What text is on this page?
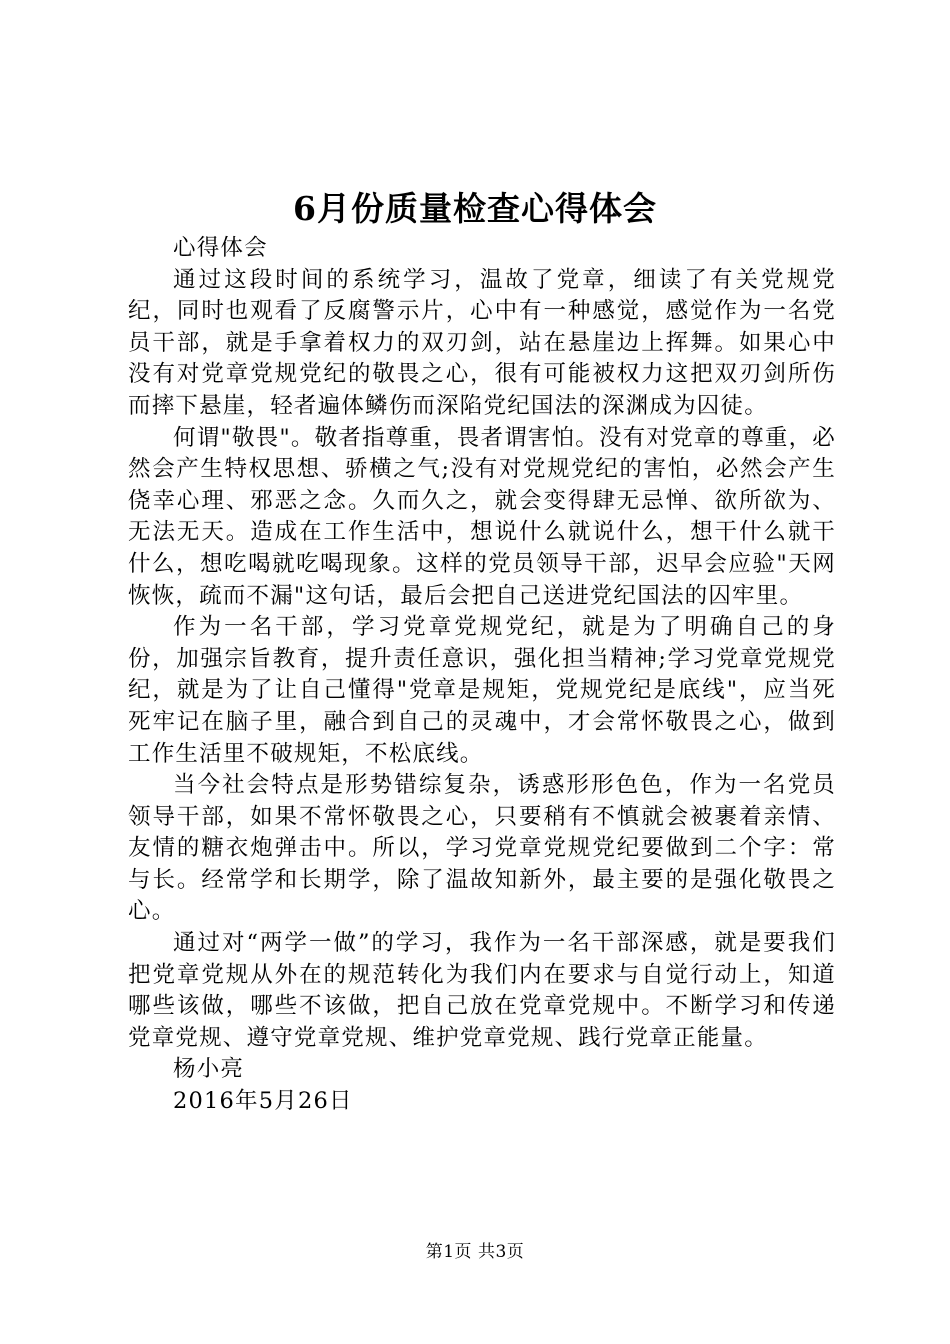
6月份质量检查心得体会

心得体会

通过这段时间的系统学习，温故了党章，细读了有关党规党纪，同时也观看了反腐警示片，心中有一种感觉，感觉作为一名党员干部，就是手拿着权力的双刃剑，站在悬崖边上挥舞。如果心中没有对党章党规党纪的敬畏之心，很有可能被权力这把双刃剑所伤而摔下悬崖，轻者遍体鳞伤而深陷党纪国法的深渊成为囚徒。

何谓"敬畏"。敬者指尊重，畏者谓害怕。没有对党章的尊重，必然会产生特权思想、骄横之气;没有对党规党纪的害怕，必然会产生侥幸心理、邪恶之念。久而久之，就会变得肆无忌惮、欲所欲为、无法无天。造成在工作生活中，想说什么就说什么，想干什么就干什么，想吃喝就吃喝现象。这样的党员领导干部，迟早会应验"天网恢恢，疏而不漏"这句话，最后会把自己送进党纪国法的囚牢里。

作为一名干部，学习党章党规党纪，就是为了明确自己的身份，加强宗旨教育，提升责任意识，强化担当精神;学习党章党规党纪，就是为了让自己懂得"党章是规矩，党规党纪是底线"，应当死死牢记在脑子里，融合到自己的灵魂中，才会常怀敬畏之心，做到工作生活里不破规矩，不松底线。

当今社会特点是形势错综复杂，诱惑形形色色，作为一名党员领导干部，如果不常怀敬畏之心，只要稍有不慎就会被裹着亲情、友情的糖衣炮弹击中。所以，学习党章党规党纪要做到二个字：常与长。经常学和长期学，除了温故知新外，最主要的是强化敬畏之心。

通过对“两学一做”的学习，我作为一名干部深感，就是要我们把党章党规从外在的规范转化为我们内在要求与自觉行动上，知道哪些该做，哪些不该做，把自己放在党章党规中。不断学习和传递党章党规、遵守党章党规、维护党章党规、践行党章正能量。

杨小亮

2016年5月26日

第1页 共3页
